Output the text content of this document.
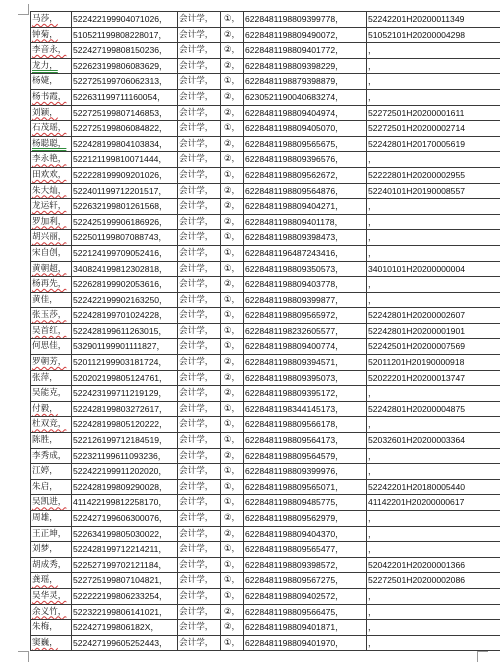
马莎，	522422199904071026，	会计学，	①，	6228481198809399778，	52242201H20200011349
钟菊，	510521199808228017，	会计学，	②，	6228481198809490072，	51052101H20200004298
李音永，	522427199808150236，	会计学，	②，	6228481198809401772，	，
龙力，	522623199806083629，	会计学，	②，	6228481198809398229，	，
杨婕，	522725199706062313，	会计学，	①，	6228481198879398879，	，
杨书霞，	522631199711160054，	会计学，	②，	6230521190040683274，	，
刘颖，	522725199807146853，	会计学，	②，	6228481198809404974，	52272501H20200001611
石茂瑶，	522725199806084822，	会计学，	①，	6228481198809405070，	52272501H20200002714
杨聪聪，	522428199804103834，	会计学，	②，	6228481198809565675，	52242801H20170005619
李永艳，	522121199810071444，	会计学，	②，	6228481198809396576，	，
田欢欢，	522228199909201026，	会计学，	①，	6228481198809562672，	52222801H20200002955
朱大灿，	522401199712201517，	会计学，	②，	6228481198809564876，	52240101H20190008557
龙运轩，	522632199801261568，	会计学，	②，	6228481198809404271，	，
罗加利，	522425199906186926，	会计学，	②，	6228481198809401178，	，
胡兴丽，	522501199807088743，	会计学，	①，	6228481198809398473，	，
宋自创，	522124199709052416，	会计学，	①，	6228481196487243416，	，
黄朝超，	340824199812302818，	会计学，	①，	6228481198809350573，	34010101H20200000004
杨再先，	522628199902053616，	会计学，	②，	6228481198809403778，	，
黄佳，	522422199902163250，	会计学，	①，	6228481198809399877，	，
张玉莎，	522428199701024228，	会计学，	①，	6228481198809565972，	52242801H20200002607
吴首红，	522428199611263015，	会计学，	①，	6228481198232605577，	52242801H20200001901
何思佳，	532901199901111827，	会计学，	①，	6228481198809400774，	52242501H20200007569
罗朝芳，	520112199903181724，	会计学，	②，	6228481198809394571，	52011201H20190000918
张萍，	520202199805124761，	会计学，	②，	6228481198809395073，	52022201H20200013747
吴能克，	522423199711219129，	会计学，	②，	6228481198809395172，	，
付毅，	522428199803272617，	会计学，	①，	6228481198344145173，	52242801H20200004875
杜双竞，	522428199805120222，	会计学，	①，	6228481198809566178，	，
陈胜，	522126199712184519，	会计学，	①，	6228481198809564173，	52032601H20200003364
李秀成，	522321199611093236，	会计学，	②，	6228481198809564579，	，
江婷，	522422199911202020，	会计学，	①，	6228481198809399976，	，
朱启，	522428199809290028，	会计学，	①，	6228481198809565071，	52242201H20180005440
吴凯进，	411422199812258170，	会计学，	①，	6228481198809485775，	41142201H20200000617
周雄，	522427199606300076，	会计学，	②，	6228481198809562979，	，
王正坤，	522634199805030022，	会计学，	②，	6228481198809404370，	，
刘梦，	522428199712214211，	会计学，	①，	6228481198809565477，	，
胡成秀，	522527199702121184，	会计学，	①，	6228481198809398572，	52042201H20200001366
龚瑶，	522725199807104821，	会计学，	①，	6228481198809567275，	52272501H20200002086
吴华灵，	522222199806233254，	会计学，	①，	6228481198809402572，	，
余义竹，	522322199806141021，	会计学，	②，	6228481198809566475，	，
朱梅，	522427199806182X，	会计学，	②，	6228481198809401871，	，
窦巍，	522427199605252443，	会计学，	①，	6228481198809401970，	，
